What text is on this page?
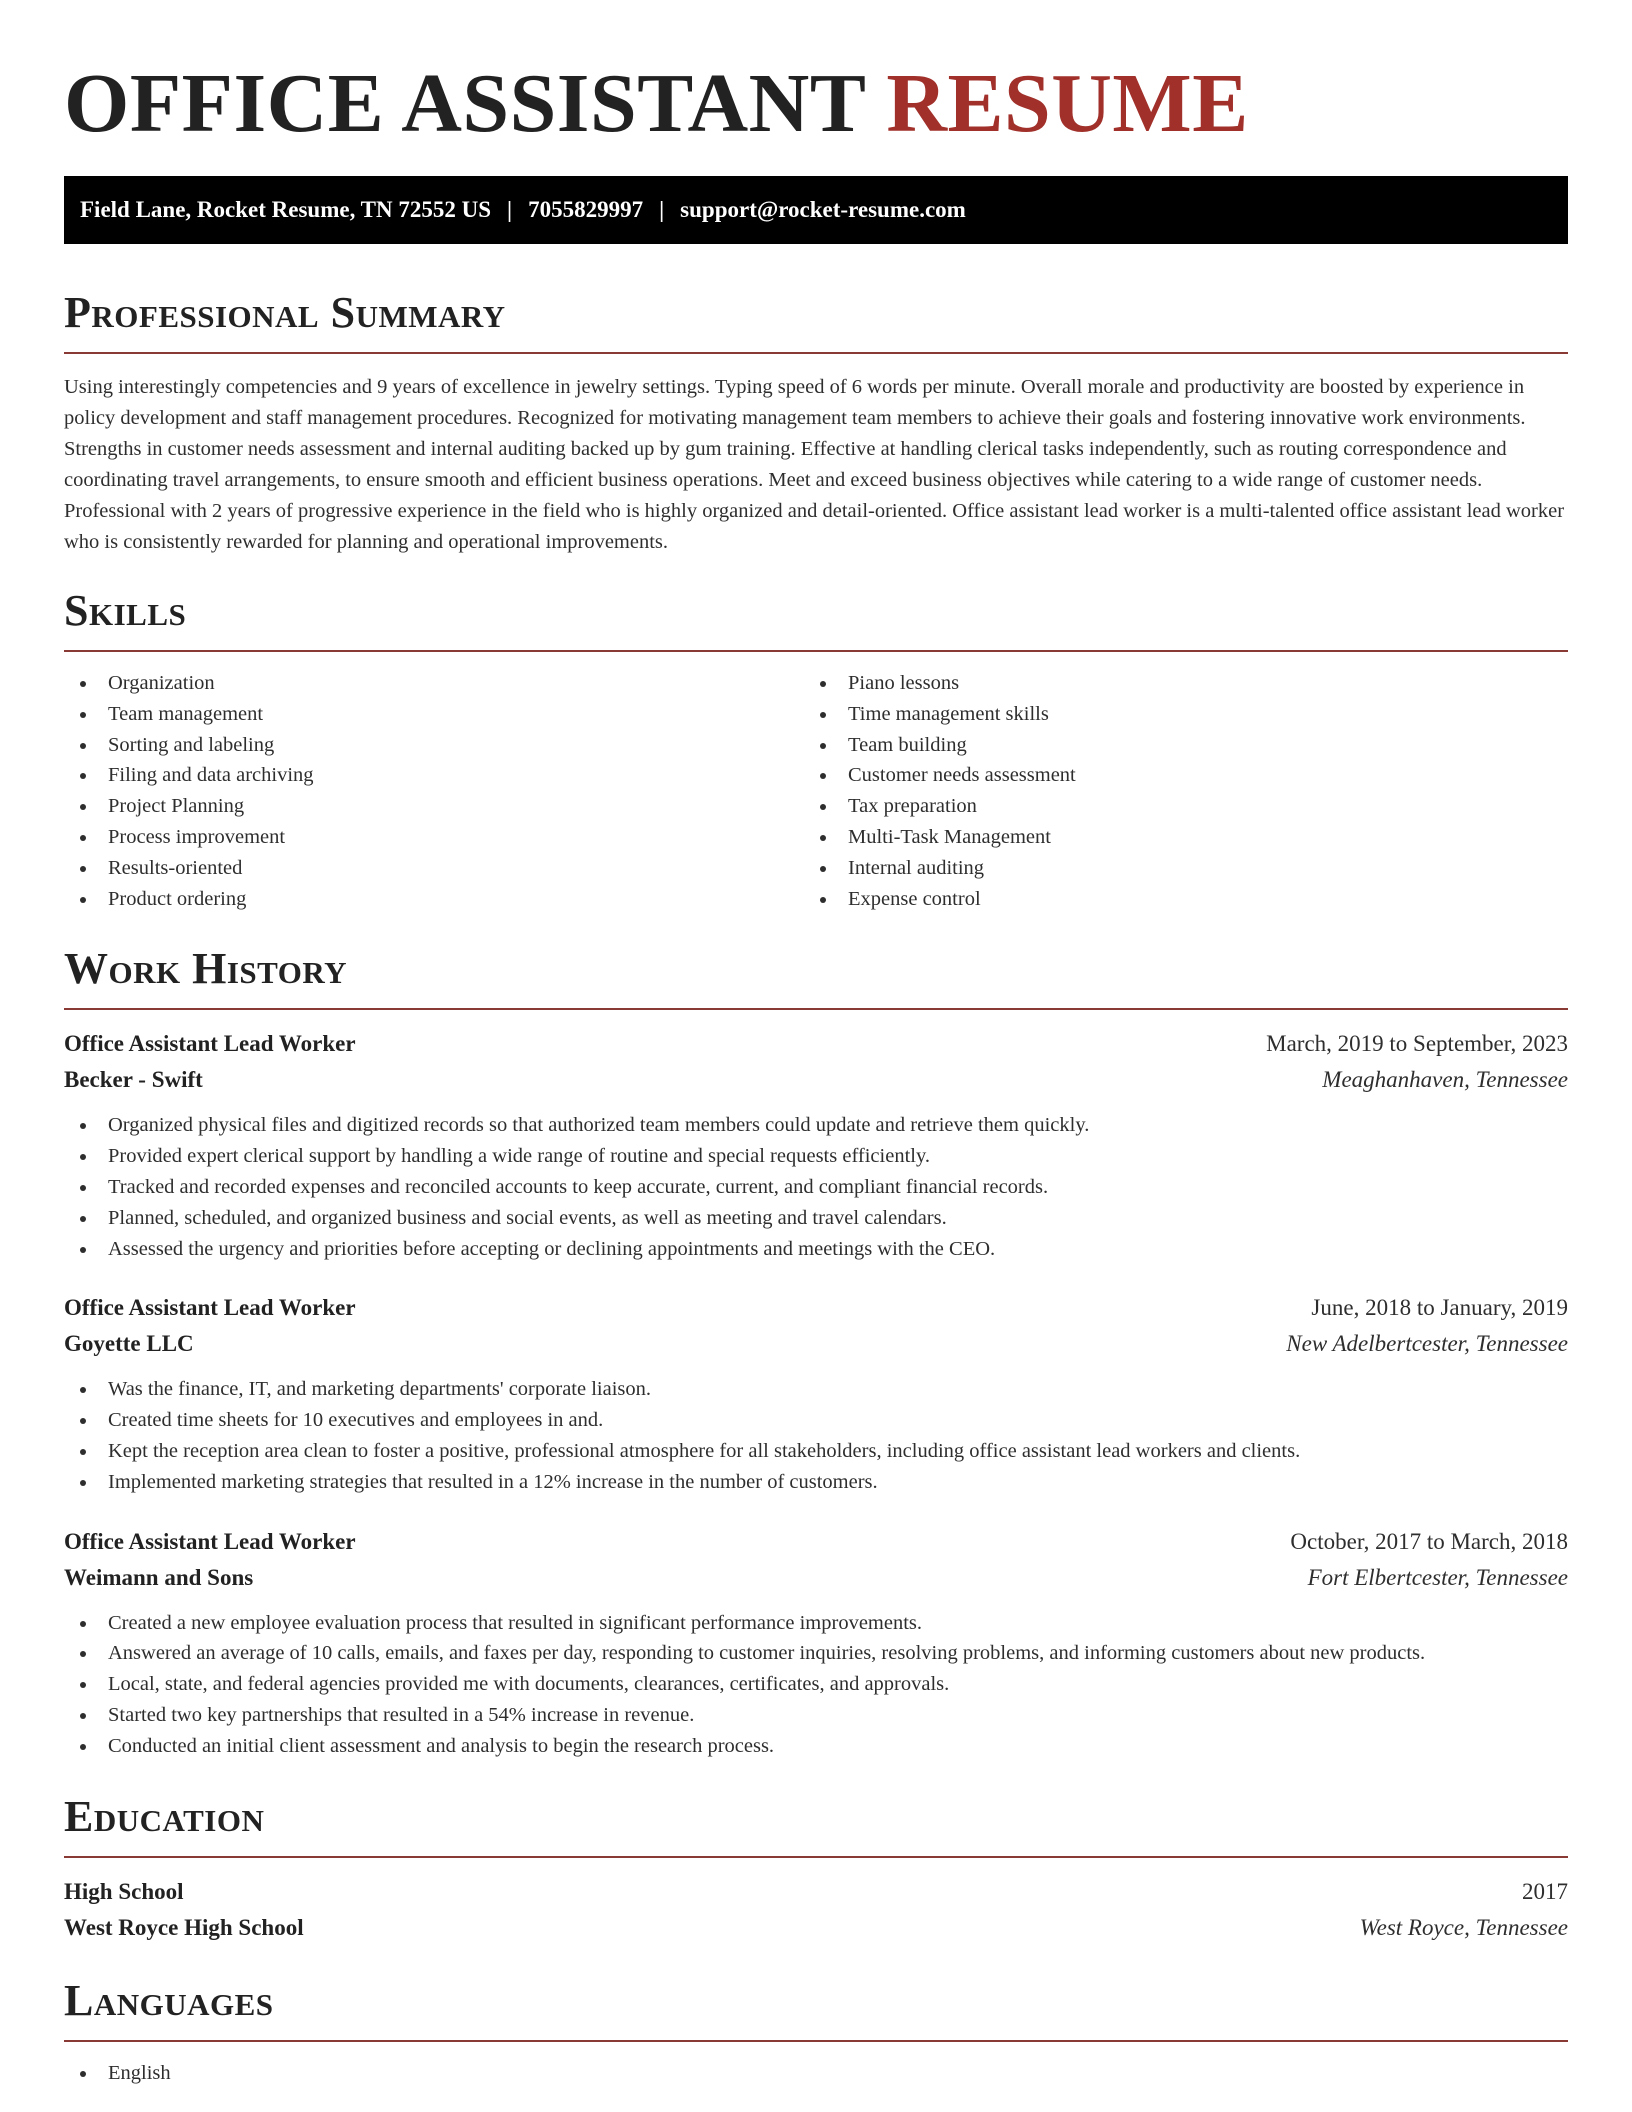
OFFICE ASSISTANT RESUME
Field Lane, Rocket Resume, TN 72552 US | 7055829997 | support@rocket-resume.com
Professional Summary

Using interestingly competencies and 9 years of excellence in jewelry settings. Typing speed of 6 words per minute. Overall morale and productivity are boosted by experience in policy development and staff management procedures. Recognized for motivating management team members to achieve their goals and fostering innovative work environments. Strengths in customer needs assessment and internal auditing backed up by gum training. Effective at handling clerical tasks independently, such as routing correspondence and coordinating travel arrangements, to ensure smooth and efficient business operations. Meet and exceed business objectives while catering to a wide range of customer needs. Professional with 2 years of progressive experience in the field who is highly organized and detail-oriented. Office assistant lead worker is a multi-talented office assistant lead worker who is consistently rewarded for planning and operational improvements.

Skills
Organization
Team management
Sorting and labeling
Filing and data archiving
Project Planning
Process improvement
Results-oriented
Product ordering
Piano lessons
Time management skills
Team building
Customer needs assessment
Tax preparation
Multi-Task Management
Internal auditing
Expense control
Work History
Office Assistant Lead Worker	March, 2019 to September, 2023
Becker - Swift	Meaghanhaven, Tennessee
Organized physical files and digitized records so that authorized team members could update and retrieve them quickly.
Provided expert clerical support by handling a wide range of routine and special requests efficiently.
Tracked and recorded expenses and reconciled accounts to keep accurate, current, and compliant financial records.
Planned, scheduled, and organized business and social events, as well as meeting and travel calendars.
Assessed the urgency and priorities before accepting or declining appointments and meetings with the CEO.
Office Assistant Lead Worker	June, 2018 to January, 2019
Goyette LLC	New Adelbertcester, Tennessee
Was the finance, IT, and marketing departments' corporate liaison.
Created time sheets for 10 executives and employees in and.
Kept the reception area clean to foster a positive, professional atmosphere for all stakeholders, including office assistant lead workers and clients.
Implemented marketing strategies that resulted in a 12% increase in the number of customers.
Office Assistant Lead Worker	October, 2017 to March, 2018
Weimann and Sons	Fort Elbertcester, Tennessee
Created a new employee evaluation process that resulted in significant performance improvements.
Answered an average of 10 calls, emails, and faxes per day, responding to customer inquiries, resolving problems, and informing customers about new products.
Local, state, and federal agencies provided me with documents, clearances, certificates, and approvals.
Started two key partnerships that resulted in a 54% increase in revenue.
Conducted an initial client assessment and analysis to begin the research process.
Education
High School	2017
West Royce High School	West Royce, Tennessee
Languages
English
